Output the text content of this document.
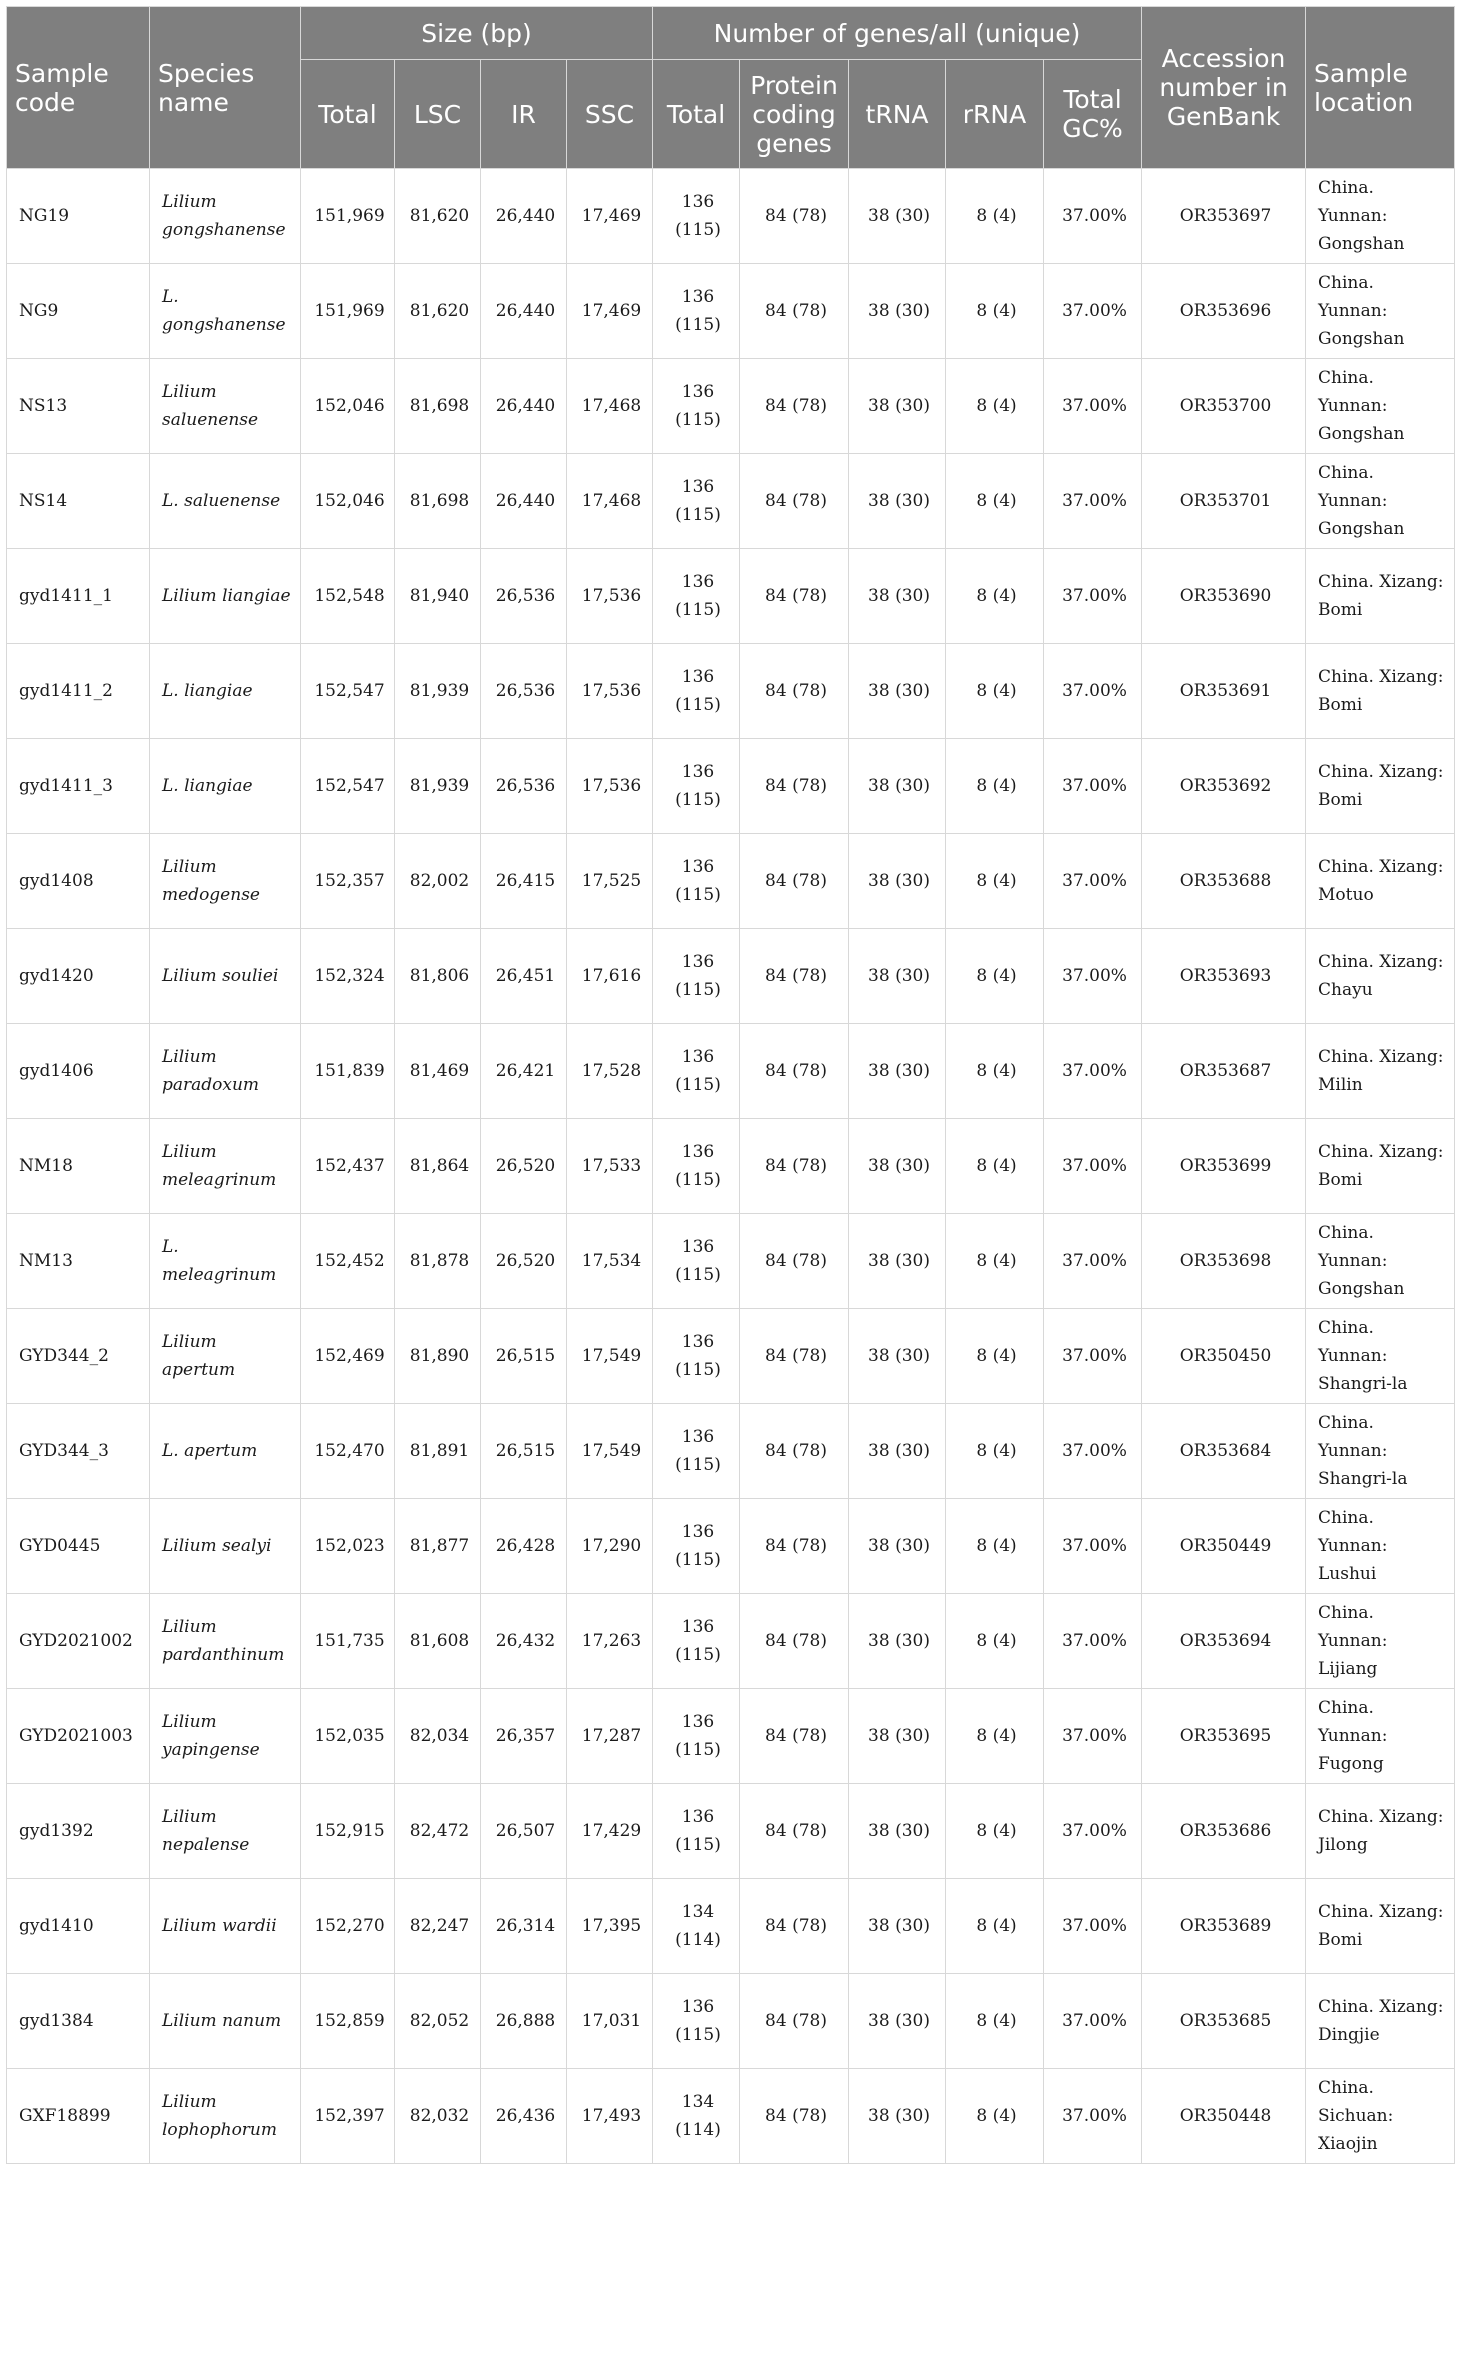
Sample code	Species name	Size (bp)				Number of genes/all (unique)					Accession number in GenBank	Sample location
		Total	LSC	IR	SSC	Total	Protein coding genes	tRNA	rRNA	Total GC%		
NG19	Lilium gongshanense	151,969	81,620	26,440	17,469	136 (115)	84 (78)	38 (30)	8 (4)	37.00%	OR353697	China. Yunnan: Gongshan
NG9	L. gongshanense	151,969	81,620	26,440	17,469	136 (115)	84 (78)	38 (30)	8 (4)	37.00%	OR353696	China. Yunnan: Gongshan
NS13	Lilium saluenense	152,046	81,698	26,440	17,468	136 (115)	84 (78)	38 (30)	8 (4)	37.00%	OR353700	China. Yunnan: Gongshan
NS14	L. saluenense	152,046	81,698	26,440	17,468	136 (115)	84 (78)	38 (30)	8 (4)	37.00%	OR353701	China. Yunnan: Gongshan
gyd1411_1	Lilium liangiae	152,548	81,940	26,536	17,536	136 (115)	84 (78)	38 (30)	8 (4)	37.00%	OR353690	China. Xizang: Bomi
gyd1411_2	L. liangiae	152,547	81,939	26,536	17,536	136 (115)	84 (78)	38 (30)	8 (4)	37.00%	OR353691	China. Xizang: Bomi
gyd1411_3	L. liangiae	152,547	81,939	26,536	17,536	136 (115)	84 (78)	38 (30)	8 (4)	37.00%	OR353692	China. Xizang: Bomi
gyd1408	Lilium medogense	152,357	82,002	26,415	17,525	136 (115)	84 (78)	38 (30)	8 (4)	37.00%	OR353688	China. Xizang: Motuo
gyd1420	Lilium souliei	152,324	81,806	26,451	17,616	136 (115)	84 (78)	38 (30)	8 (4)	37.00%	OR353693	China. Xizang: Chayu
gyd1406	Lilium paradoxum	151,839	81,469	26,421	17,528	136 (115)	84 (78)	38 (30)	8 (4)	37.00%	OR353687	China. Xizang: Milin
NM18	Lilium meleagrinum	152,437	81,864	26,520	17,533	136 (115)	84 (78)	38 (30)	8 (4)	37.00%	OR353699	China. Xizang: Bomi
NM13	L. meleagrinum	152,452	81,878	26,520	17,534	136 (115)	84 (78)	38 (30)	8 (4)	37.00%	OR353698	China. Yunnan: Gongshan
GYD344_2	Lilium apertum	152,469	81,890	26,515	17,549	136 (115)	84 (78)	38 (30)	8 (4)	37.00%	OR350450	China. Yunnan: Shangri-la
GYD344_3	L. apertum	152,470	81,891	26,515	17,549	136 (115)	84 (78)	38 (30)	8 (4)	37.00%	OR353684	China. Yunnan: Shangri-la
GYD0445	Lilium sealyi	152,023	81,877	26,428	17,290	136 (115)	84 (78)	38 (30)	8 (4)	37.00%	OR350449	China. Yunnan: Lushui
GYD2021002	Lilium pardanthinum	151,735	81,608	26,432	17,263	136 (115)	84 (78)	38 (30)	8 (4)	37.00%	OR353694	China. Yunnan: Lijiang
GYD2021003	Lilium yapingense	152,035	82,034	26,357	17,287	136 (115)	84 (78)	38 (30)	8 (4)	37.00%	OR353695	China. Yunnan: Fugong
gyd1392	Lilium nepalense	152,915	82,472	26,507	17,429	136 (115)	84 (78)	38 (30)	8 (4)	37.00%	OR353686	China. Xizang: Jilong
gyd1410	Lilium wardii	152,270	82,247	26,314	17,395	134 (114)	84 (78)	38 (30)	8 (4)	37.00%	OR353689	China. Xizang: Bomi
gyd1384	Lilium nanum	152,859	82,052	26,888	17,031	136 (115)	84 (78)	38 (30)	8 (4)	37.00%	OR353685	China. Xizang: Dingjie
GXF18899	Lilium lophophorum	152,397	82,032	26,436	17,493	134 (114)	84 (78)	38 (30)	8 (4)	37.00%	OR350448	China. Sichuan: Xiaojin
